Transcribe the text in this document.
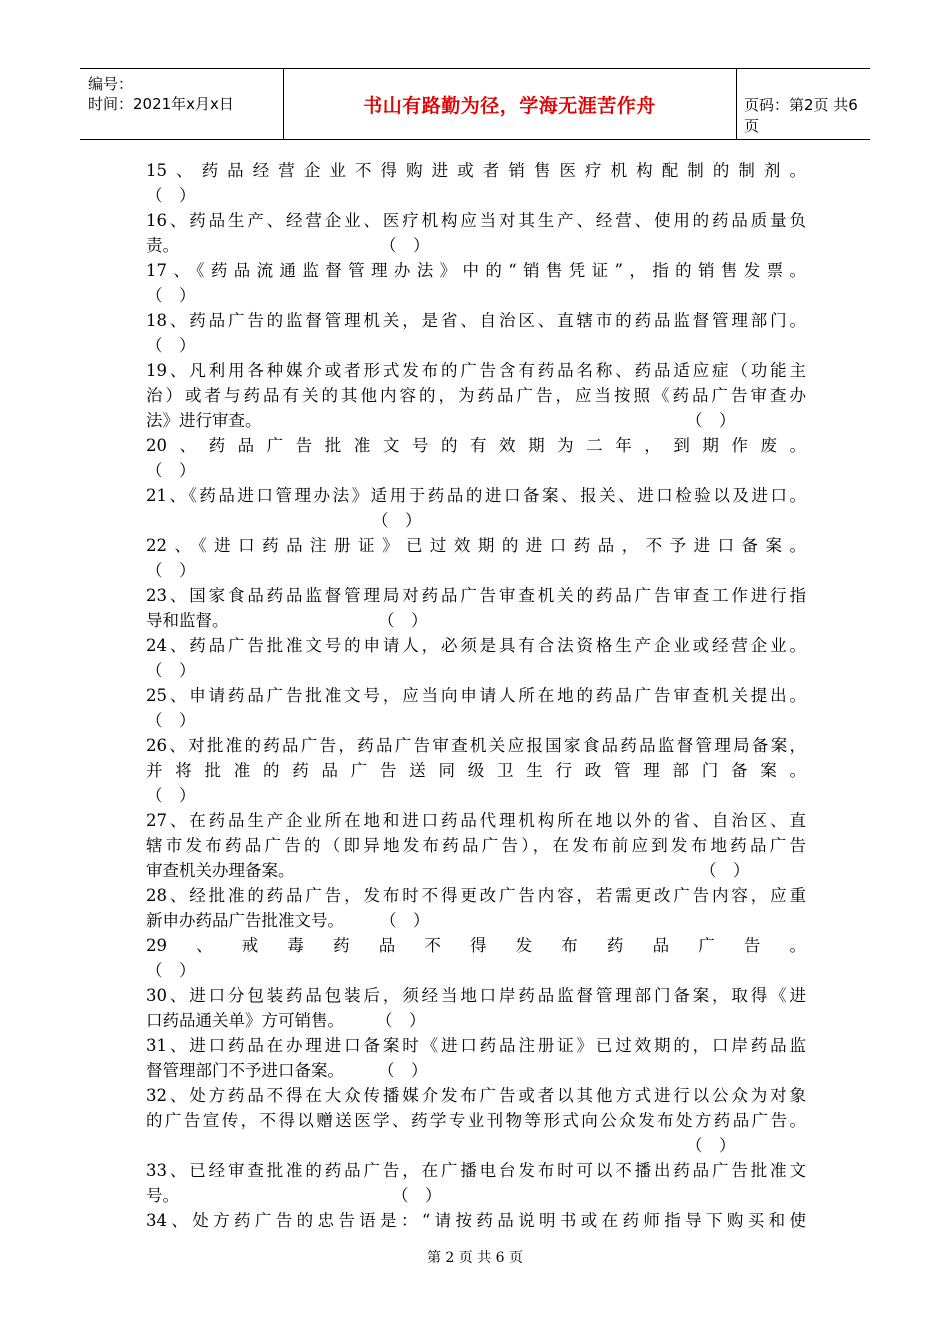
编号：
时间：2021年x月x日	书山有路勤为径，学海无涯苦作舟	页码：第2页 共6页
15、药品经营企业不得购进或者销售医疗机构配制的制剂。
（　）
16、药品生产、经营企业、医疗机构应当对其生产、经营、使用的药品质量负
责。	（　）
17、《药品流通监督管理办法》中的“销售凭证”，指的销售发票。
（　）
18、药品广告的监督管理机关，是省、自治区、直辖市的药品监督管理部门。
（　）
19、凡利用各种媒介或者形式发布的广告含有药品名称、药品适应症（功能主
治）或者与药品有关的其他内容的，为药品广告，应当按照《药品广告审查办
法》进行审查。	（　）
20、药品广告批准文号的有效期为二年，到期作废。
（　）
21、《药品进口管理办法》适用于药品的进口备案、报关、进口检验以及进口。
（　）
22、《进口药品注册证》已过效期的进口药品，不予进口备案。
（　）
23、国家食品药品监督管理局对药品广告审查机关的药品广告审查工作进行指
导和监督。	（　）
24、药品广告批准文号的申请人，必须是具有合法资格生产企业或经营企业。
（　）
25、申请药品广告批准文号，应当向申请人所在地的药品广告审查机关提出。
（　）
26、对批准的药品广告，药品广告审查机关应报国家食品药品监督管理局备案，
并将批准的药品广告送同级卫生行政管理部门备案。
（　）
27、在药品生产企业所在地和进口药品代理机构所在地以外的省、自治区、直
辖市发布药品广告的（即异地发布药品广告），在发布前应到发布地药品广告
审查机关办理备案。	（　）
28、经批准的药品广告，发布时不得更改广告内容，若需更改广告内容，应重
新申办药品广告批准文号。 （　）
29、戒毒药品不得发布药品广告。
（　）
30、进口分包装药品包装后，须经当地口岸药品监督管理部门备案，取得《进
口药品通关单》方可销售。 （　）
31、进口药品在办理进口备案时《进口药品注册证》已过效期的，口岸药品监
督管理部门不予进口备案。 （　）
32、处方药品不得在大众传播媒介发布广告或者以其他方式进行以公众为对象
的广告宣传，不得以赠送医学、药学专业刊物等形式向公众发布处方药品广告。
（　）
33、已经审查批准的药品广告，在广播电台发布时可以不播出药品广告批准文
号。	（　）
34、处方药广告的忠告语是：“请按药品说明书或在药师指导下购买和使
第 2 页 共 6 页
